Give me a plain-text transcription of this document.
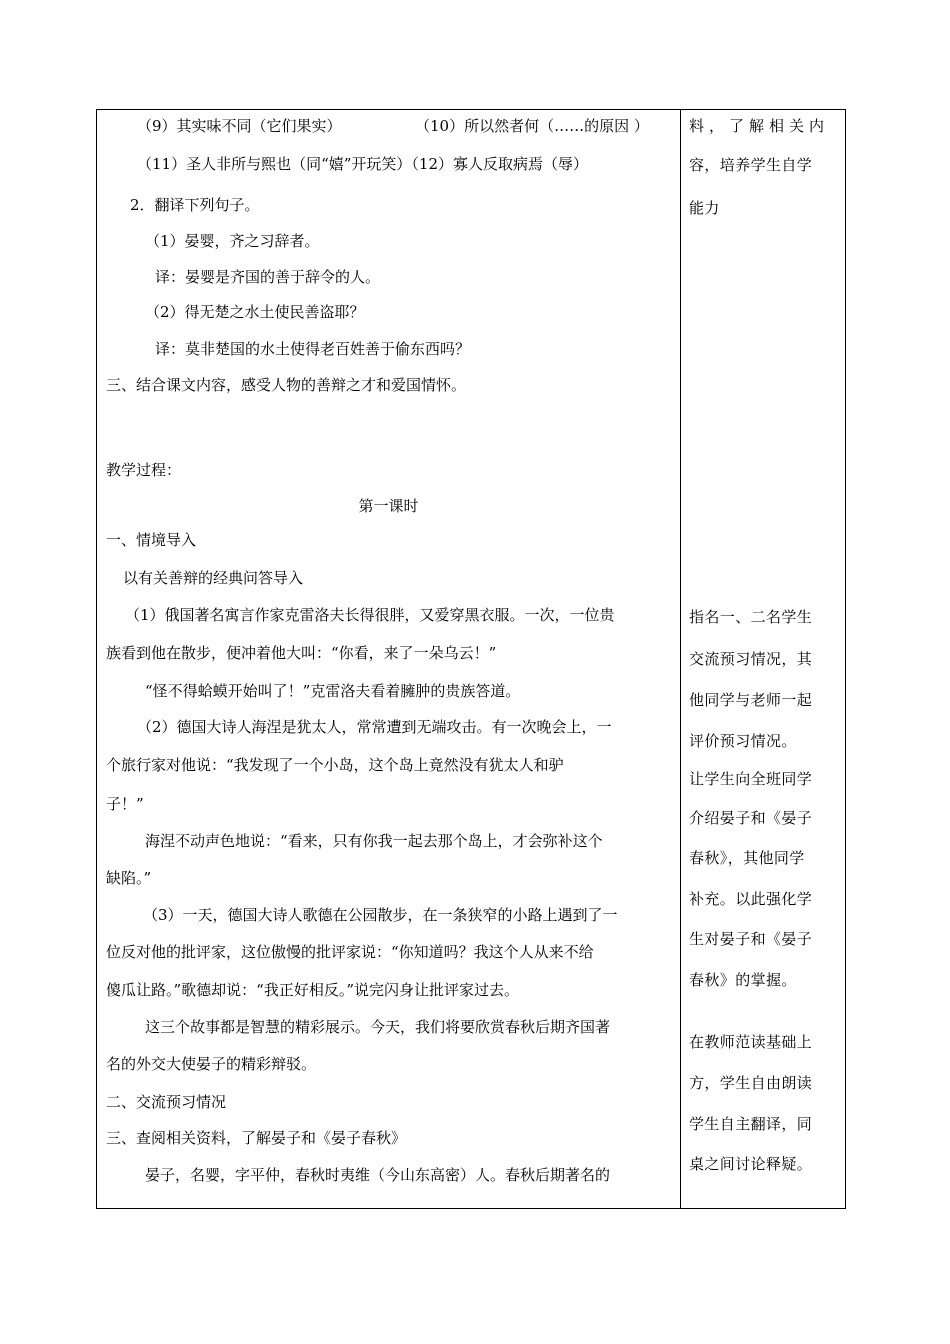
（9）其实味不同（它们果实）	（10）所以然者何（……的原因 ）
（11）圣人非所与熙也（同“嬉”开玩笑）（12）寡人反取病焉（辱）
2．翻译下列句子。
（1）晏婴，齐之习辞者。
译：晏婴是齐国的善于辞令的人。
（2）得无楚之水土使民善盗耶？
译：莫非楚国的水土使得老百姓善于偷东西吗？
三、结合课文内容，感受人物的善辩之才和爱国情怀。
教学过程：
第一课时
一、情境导入
以有关善辩的经典问答导入
（1）俄国著名寓言作家克雷洛夫长得很胖，又爱穿黑衣服。一次，一位贵
族看到他在散步，便冲着他大叫：“你看，来了一朵乌云！”
“怪不得蛤蟆开始叫了！”克雷洛夫看着臃肿的贵族答道。
（2）德国大诗人海涅是犹太人，常常遭到无端攻击。有一次晚会上，一
个旅行家对他说：“我发现了一个小岛，这个岛上竟然没有犹太人和驴
子！”
海涅不动声色地说：“看来，只有你我一起去那个岛上，才会弥补这个
缺陷。”
（3）一天，德国大诗人歌德在公园散步，在一条狭窄的小路上遇到了一
位反对他的批评家，这位傲慢的批评家说：“你知道吗？我这个人从来不给
傻瓜让路。”歌德却说：“我正好相反。”说完闪身让批评家过去。
这三个故事都是智慧的精彩展示。今天，我们将要欣赏春秋后期齐国著
名的外交大使晏子的精彩辩驳。
二、交流预习情况
三、查阅相关资料，了解晏子和《晏子春秋》
晏子，名婴，字平仲，春秋时夷维（今山东高密）人。春秋后期著名的
料，了解相关内
容，培养学生自学
能力
指名一、二名学生
交流预习情况，其
他同学与老师一起
评价预习情况。
让学生向全班同学
介绍晏子和《晏子
春秋》，其他同学
补充。以此强化学
生对晏子和《晏子
春秋》的掌握。
在教师范读基础上
方，学生自由朗读
学生自主翻译，同
桌之间讨论释疑。
